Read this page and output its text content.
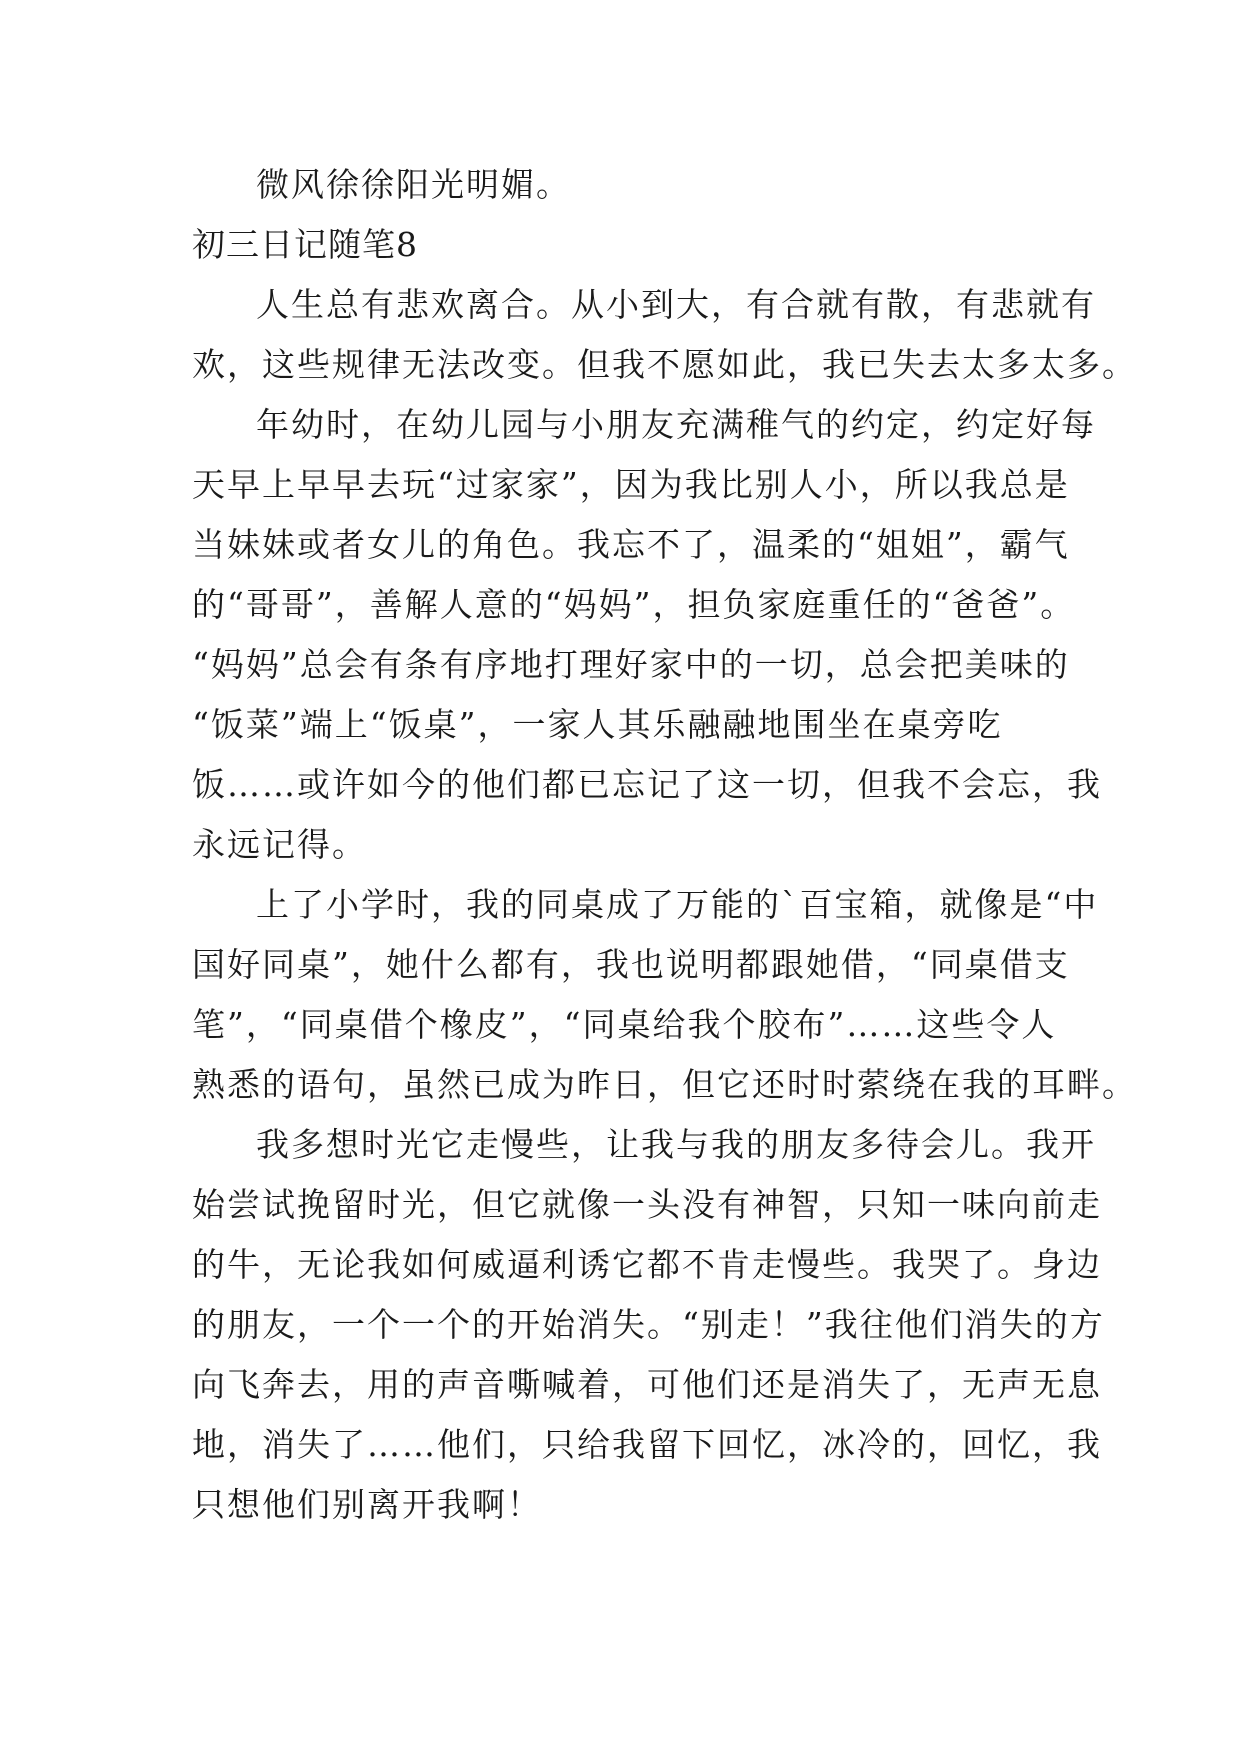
微风徐徐阳光明媚。
初三日记随笔8
人生总有悲欢离合。从小到大，有合就有散，有悲就有
欢，这些规律无法改变。但我不愿如此，我已失去太多太多。
年幼时，在幼儿园与小朋友充满稚气的约定，约定好每
天早上早早去玩“过家家”，因为我比别人小，所以我总是
当妹妹或者女儿的角色。我忘不了，温柔的“姐姐”，霸气
的“哥哥”，善解人意的“妈妈”，担负家庭重任的“爸爸”。
“妈妈”总会有条有序地打理好家中的一切，总会把美味的
“饭菜”端上“饭桌”，一家人其乐融融地围坐在桌旁吃
饭……或许如今的他们都已忘记了这一切，但我不会忘，我
永远记得。
上了小学时，我的同桌成了万能的`百宝箱，就像是“中
国好同桌”，她什么都有，我也说明都跟她借，“同桌借支
笔”，“同桌借个橡皮”，“同桌给我个胶布”……这些令人
熟悉的语句，虽然已成为昨日，但它还时时萦绕在我的耳畔。
我多想时光它走慢些，让我与我的朋友多待会儿。我开
始尝试挽留时光，但它就像一头没有神智，只知一味向前走
的牛，无论我如何威逼利诱它都不肯走慢些。我哭了。身边
的朋友，一个一个的开始消失。“别走！”我往他们消失的方
向飞奔去，用的声音嘶喊着，可他们还是消失了，无声无息
地，消失了……他们，只给我留下回忆，冰冷的，回忆，我
只想他们别离开我啊！
